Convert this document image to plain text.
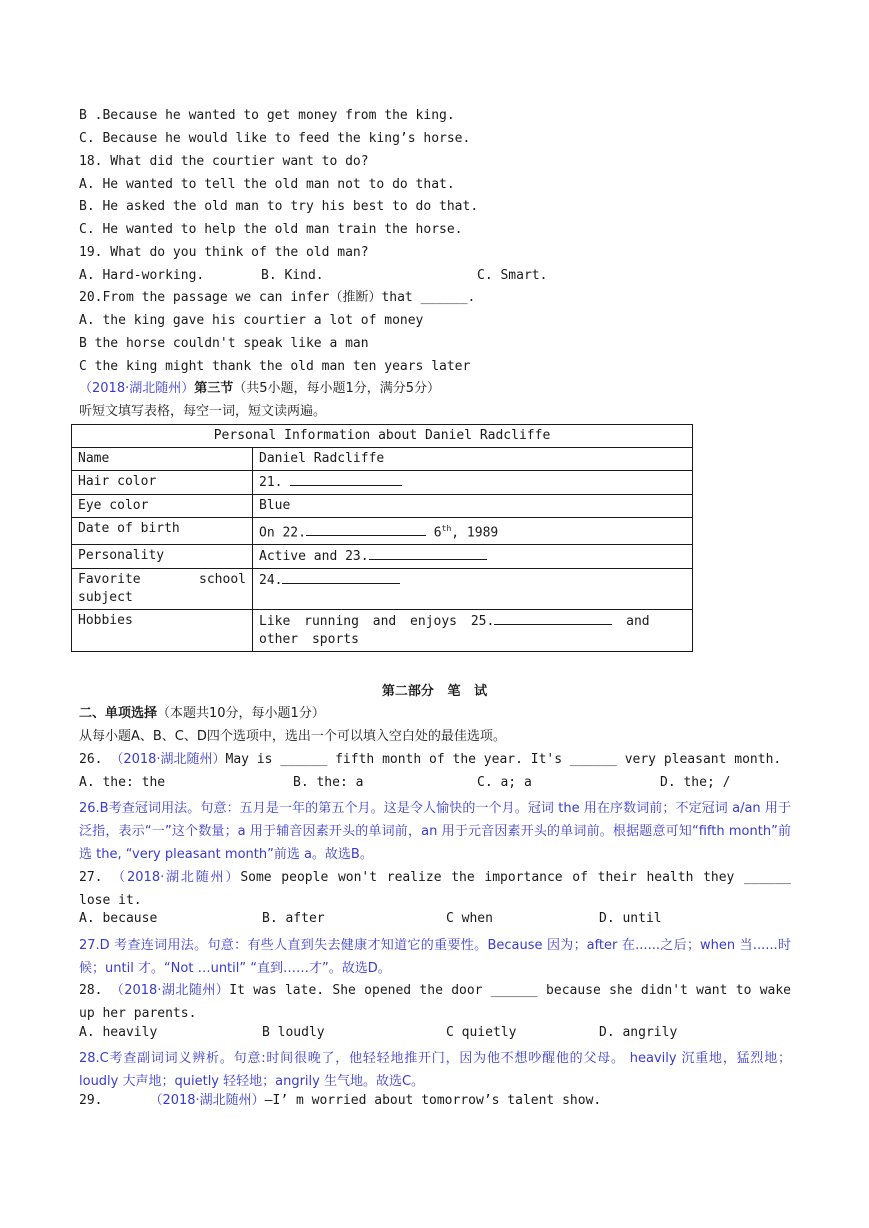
B .Because he wanted to get money from the king.
C. Because he would like to feed the king’s horse.
18. What did the courtier want to do?
A. He wanted to tell the old man not to do that.
B. He asked the old man to try his best to do that.
C. He wanted to help the old man train the horse.
19. What do you think of the old man?
A. Hard-working.	B. Kind.	C. Smart.
20.From the passage we can infer（推断）that ______.
A. the king gave his courtier a lot of money
B the horse couldn't speak like a man
C the king might thank the old man ten years later
（2018·湖北随州）第三节（共5小题，每小题1分，满分5分）
听短文填写表格，每空一词，短文读两遍。
Personal Information about Daniel Radcliffe	
Name	Daniel Radcliffe
Hair color	21.
Eye color	Blue
Date of birth	On 22. 6th, 1989
Personality	Active and 23.
Favorite school subject	24.
Hobbies	Like running and enjoys 25. and other sports
第二部分   笔   试
二、单项选择（本题共10分，每小题1分）
从每小题A、B、C、D四个选项中，选出一个可以填入空白处的最佳选项。
26. （2018·湖北随州）May is ______ fifth month of the year. It's ______ very pleasant month.
A. the: the	B. the: a	C. a; a	D. the; /
26.B考查冠词用法。句意：五月是一年的第五个月。这是令人愉快的一个月。冠词 the 用在序数词前；不定冠词 a/an 用于泛指，表示“一”这个数量；a 用于辅音因素开头的单词前，an 用于元音因素开头的单词前。根据题意可知“fifth month”前选 the, “very pleasant month”前选 a。故选B。
27. （2018·湖北随州）Some people won't realize the importance of their health they ______ lose it.
A. because	B. after	C when	D. until
27.D 考查连词用法。句意：有些人直到失去健康才知道它的重要性。Because 因为；after 在......之后；when 当......时候；until 才。“Not …until” “直到……才”。故选D。
28. （2018·湖北随州）It was late. She opened the door ______ because she didn't want to wake up her parents.
A. heavily	B loudly	C quietly	D. angrily
28.C考查副词词义辨析。句意:时间很晚了，他轻轻地推开门，因为他不想吵醒他的父母。 heavily 沉重地，猛烈地；loudly 大声地；quietly 轻轻地；angrily 生气地。故选C。
29.	（2018·湖北随州）—I’ m worried about tomorrow’s talent show.
